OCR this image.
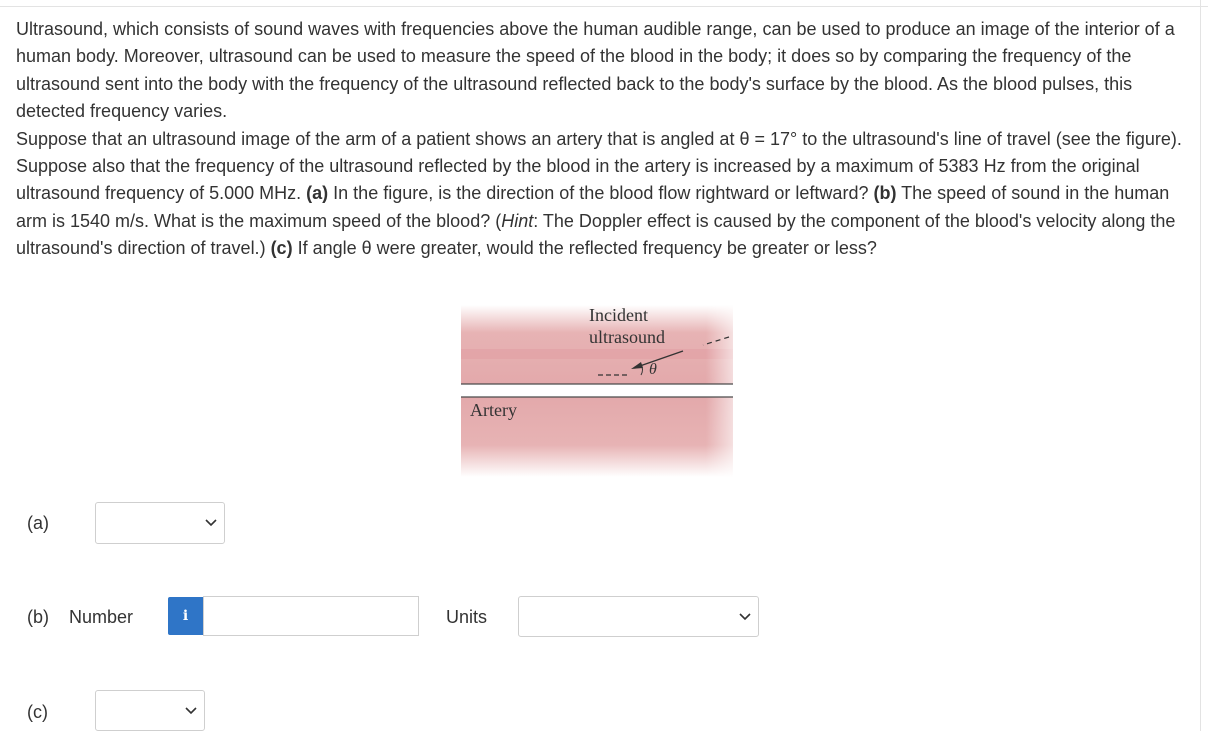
Ultrasound, which consists of sound waves with frequencies above the human audible range, can be used to produce an image of the interior of a human body. Moreover, ultrasound can be used to measure the speed of the blood in the body; it does so by comparing the frequency of the ultrasound sent into the body with the frequency of the ultrasound reflected back to the body's surface by the blood. As the blood pulses, this detected frequency varies.

Suppose that an ultrasound image of the arm of a patient shows an artery that is angled at θ = 17° to the ultrasound's line of travel (see the figure). Suppose also that the frequency of the ultrasound reflected by the blood in the artery is increased by a maximum of 5383 Hz from the original ultrasound frequency of 5.000 MHz. (a) In the figure, is the direction of the blood flow rightward or leftward? (b) The speed of sound in the human arm is 1540 m/s. What is the maximum speed of the blood? (Hint: The Doppler effect is caused by the component of the blood's velocity along the ultrasound's direction of travel.) (c) If angle θ were greater, would the reflected frequency be greater or less?

Incident
ultrasound
θ
Artery
(a)
(b) Number	i	Units
(c)
